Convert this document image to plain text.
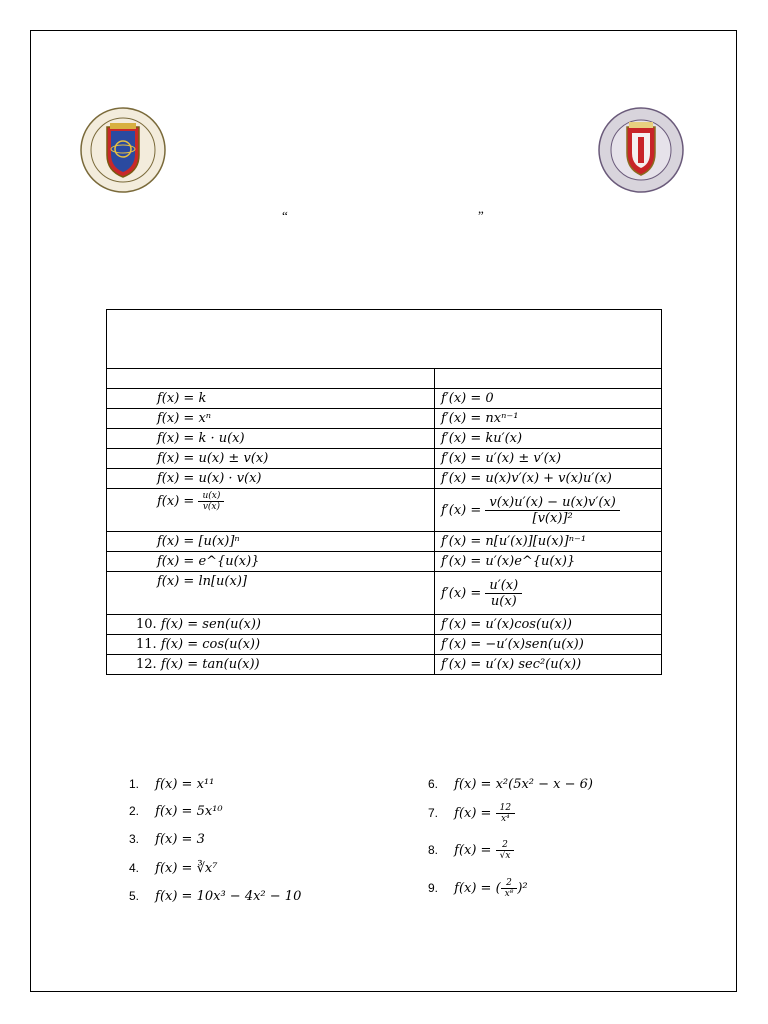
“	”

f(x) = k	f′(x) = 0
f(x) = xⁿ	f′(x) = nxⁿ⁻¹
f(x) = k · u(x)	f′(x) = ku′(x)
f(x) = u(x) ± v(x)	f′(x) = u′(x) ± v′(x)
f(x) = u(x) · v(x)	f′(x) = u(x)v′(x) + v(x)u′(x)
$f(x) = \frac{u(x)}{v(x)}$	$f'(x) = \frac{v(x)u'(x) - u(x)v'(x)}{\text{[v(x)]²}}$

f(x) = [u(x)]ⁿ	f′(x) = n[u′(x)][u(x)]ⁿ⁻¹
f(x) = e^{u(x)}	f′(x) = u′(x)e^{u(x)}
f(x) = ln[u(x)]	$f'(x) = \frac{u'(x)}{u(x)}$

10. f(x) = sen(u(x))	f′(x) = u′(x)cos(u(x))
11. f(x) = cos(u(x))	f′(x) = −u′(x)sen(u(x))
12. f(x) = tan(u(x))	f′(x) = u′(x) sec²(u(x))
1. f(x) = x¹¹
2. f(x) = 5x¹⁰
3. f(x) = 3
4. f(x) = ∛x⁷
5. f(x) = 10x³ − 4x² − 10
6. f(x) = x²(5x² − x − 6)
7. $f(x) = \frac{12}{\text{x⁴}}$
8. $f(x) = \frac{2}{√x}$
9. f(x) = ( $\frac{2}{\text{x⁸}} )^2$
